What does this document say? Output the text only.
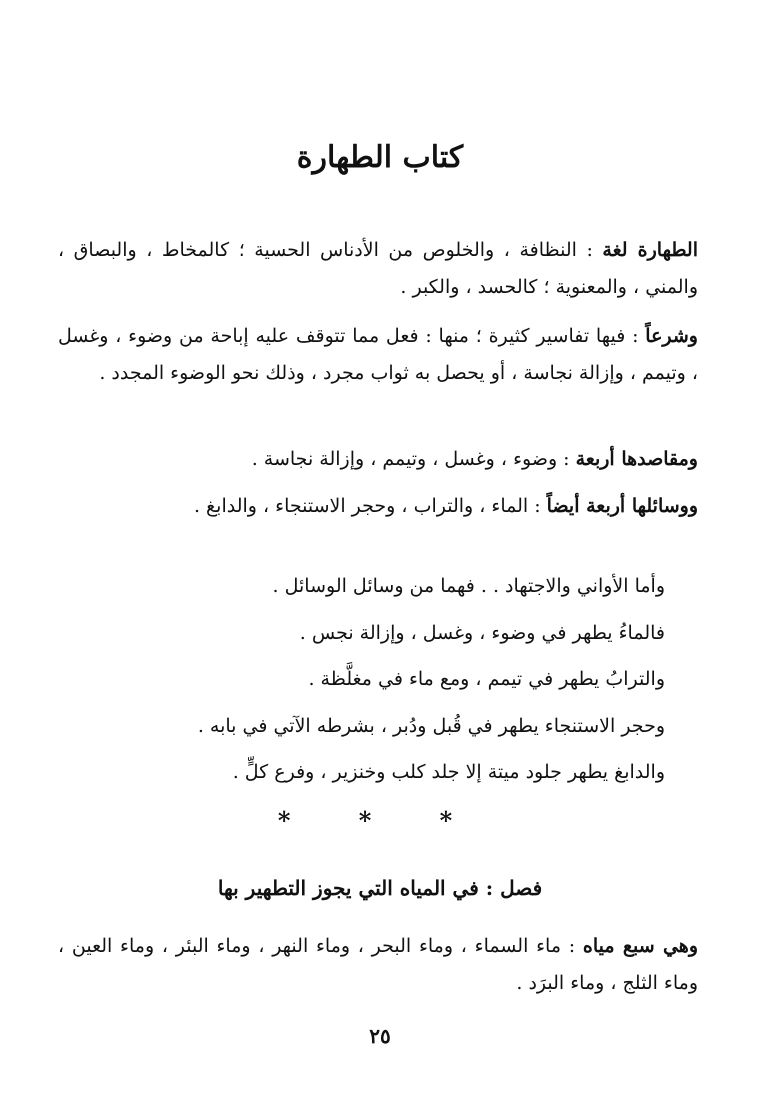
كتاب الطهارة

الطهارة لغة : النظافة ، والخلوص من الأدناس الحسية ؛ كالمخاط ، والبصاق ، والمني ، والمعنوية ؛ كالحسد ، والكبر .

وشرعاً : فيها تفاسير كثيرة ؛ منها : فعل مما تتوقف عليه إباحة من وضوء ، وغسل ، وتيمم ، وإزالة نجاسة ، أو يحصل به ثواب مجرد ، وذلك نحو الوضوء المجدد .

ومقاصدها أربعة : وضوء ، وغسل ، وتيمم ، وإزالة نجاسة .

ووسائلها أربعة أيضاً : الماء ، والتراب ، وحجر الاستنجاء ، والدابغ .

وأما الأواني والاجتهاد . . فهما من وسائل الوسائل .

فالماءُ يطهر في وضوء ، وغسل ، وإزالة نجس .

والترابُ يطهر في تيمم ، ومع ماء في مغلَّظة .

وحجر الاستنجاء يطهر في قُبل ودُبر ، بشرطه الآتي في بابه .

والدابغ يطهر جلود ميتة إلا جلد كلب وخنزير ، وفرع كلٍّ .

* * *
فصل : في المياه التي يجوز التطهير بها

وهي سبع مياه : ماء السماء ، وماء البحر ، وماء النهر ، وماء البئر ، وماء العين ، وماء الثلج ، وماء البرَد .

٢٥
